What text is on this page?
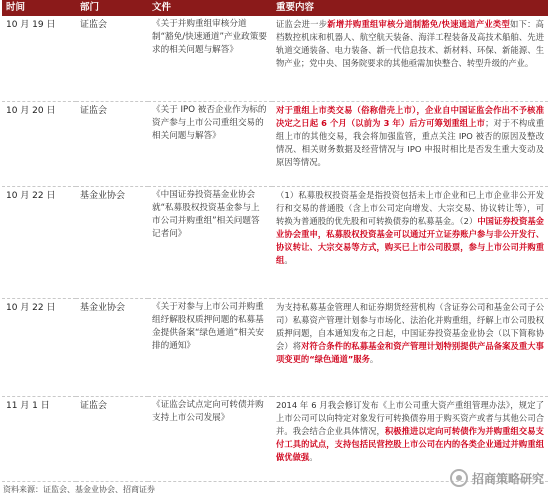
时间	部门	文件	重要内容
10 月 19 日	证监会	《关于并购重组审核分道制“豁免/快速通道”产业政策要求的相关问题与解答》	证监会进一步新增并购重组审核分道制豁免/快速通道产业类型如下：高档数控机床和机器人、航空航天装备、海洋工程装备及高技术船舶、先进轨道交通装备、电力装备、新一代信息技术、新材料、环保、新能源、生物产业；党中央、国务院要求的其他亟需加快整合、转型升级的产业。
10 月 20 日	证监会	《关于 IPO 被否企业作为标的资产参与上市公司重组交易的相关问题与解答》	对于重组上市类交易（俗称借壳上市），企业自中国证监会作出不予核准决定之日起 6 个月（以前为 3 年）后方可筹划重组上市；对于不构成重组上市的其他交易，我会将加强监管，重点关注 IPO 被否的原因及整改情况、相关财务数据及经营情况与 IPO 申报时相比是否发生重大变动及原因等情况。
10 月 22 日	基金业协会	《中国证券投资基金业协会就“私募股权投资基金参与上市公司并购重组”相关问题答记者问》	（1）私募股权投资基金是指投资包括未上市企业和已上市企业非公开发行和交易的普通股（含上市公司定向增发、大宗交易、协议转让等），可转换为普通股的优先股和可转换债券的私募基金。（2）中国证券投资基金业协会重申，私募股权投资基金可以通过开立证券账户参与非公开发行、协议转让、大宗交易等方式，购买已上市公司股票，参与上市公司并购重组。
10 月 22 日	基金业协会	《关于对参与上市公司并购重组纾解股权质押问题的私募基金提供备案“绿色通道”相关安排的通知》	为支持私募基金管理人和证券期货经营机构（含证券公司和基金公司子公司）私募资产管理计划参与市场化、法治化并购重组，纾解上市公司股权质押问题，自本通知发布之日起，中国证券投资基金业协会（以下简称协会）将对符合条件的私募基金和资产管理计划特别提供产品备案及重大事项变更的“绿色通道”服务。
11 月 1 日	证监会	《证监会试点定向可转债并购支持上市公司发展》	2014 年 6 月我会修订发布《上市公司重大资产重组管理办法》，规定了上市公司可以向特定对象发行可转换债券用于购买资产或者与其他公司合并。我会结合企业具体情况，积极推进以定向可转债作为并购重组交易支付工具的试点，支持包括民营控股上市公司在内的各类企业通过并购重组做优做强。
资料来源：证监会、基金业协会、招商证券
招商策略研究
